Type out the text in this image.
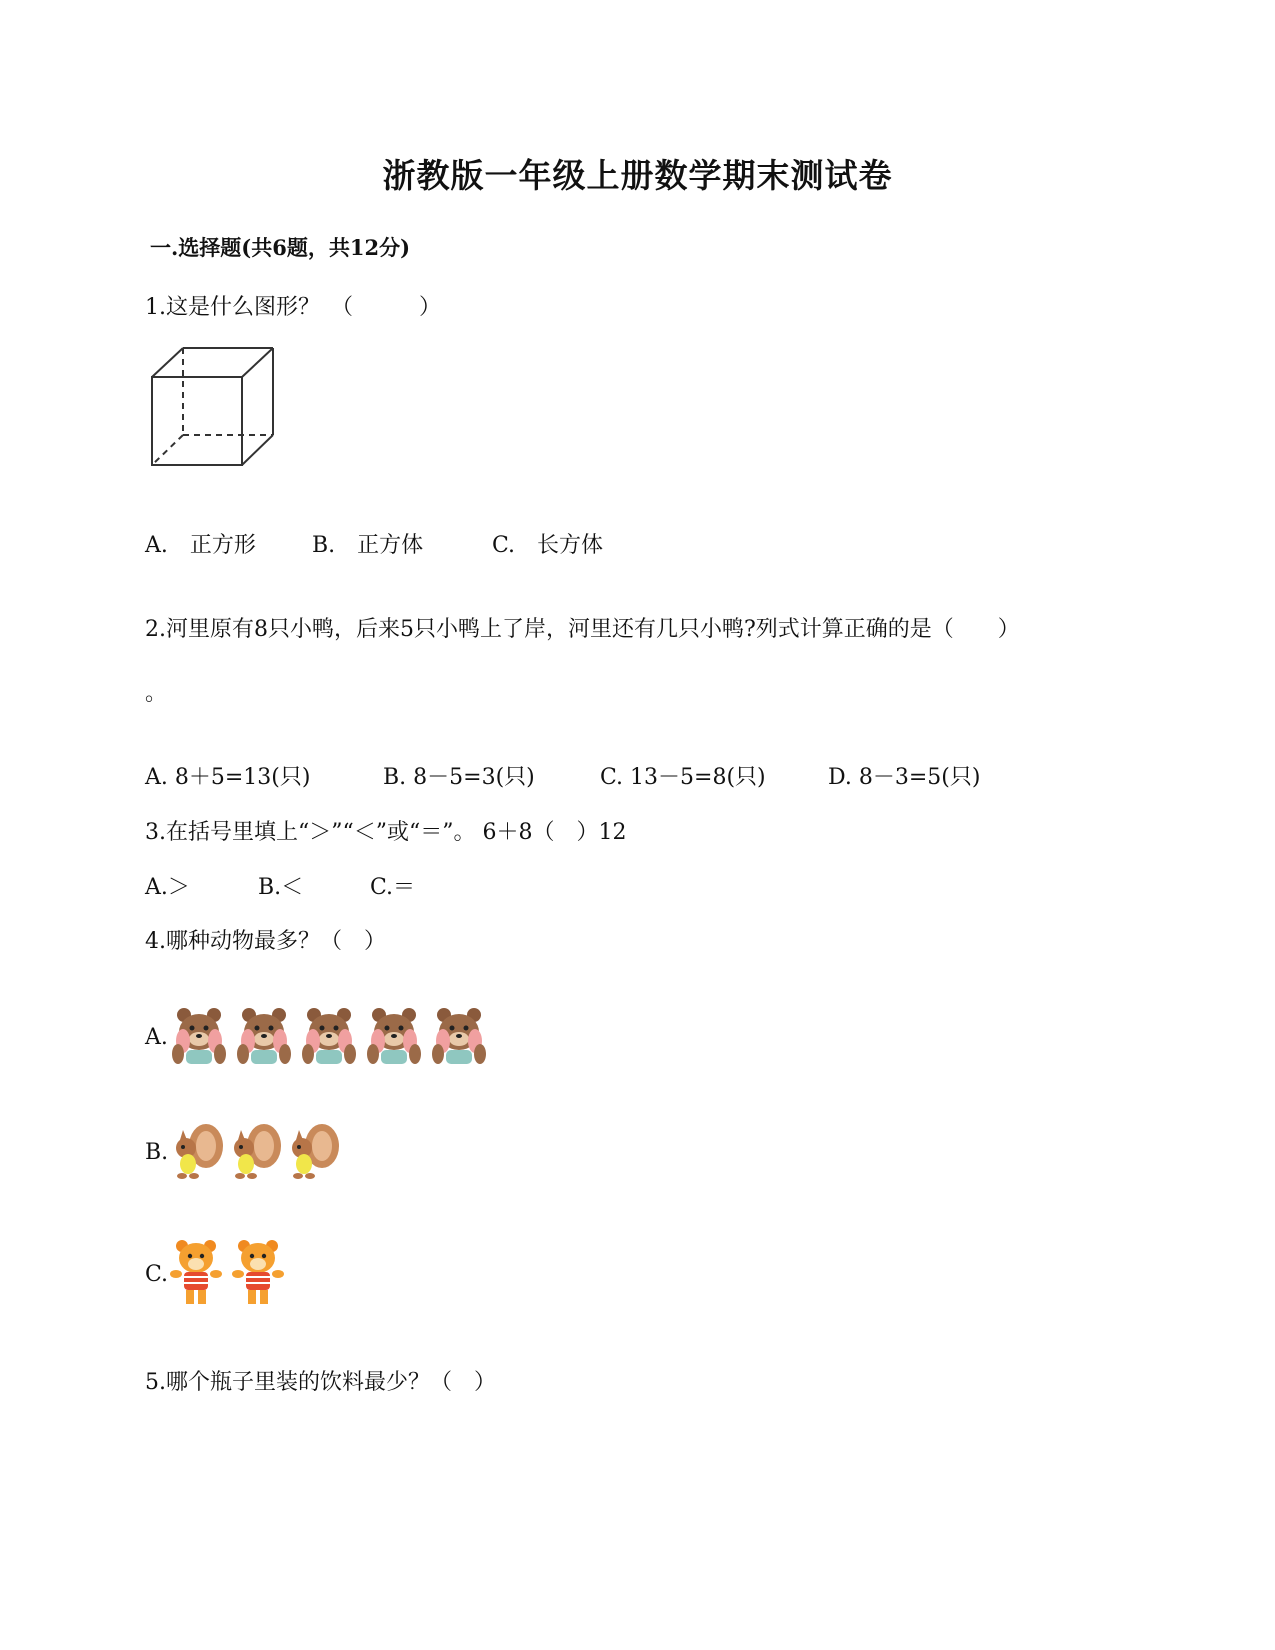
浙教版一年级上册数学期末测试卷
一.选择题(共6题，共12分)
1.这是什么图形？　（　　　）
A.　正方形	B.　正方体	C.　长方体
2.河里原有8只小鸭，后来5只小鸭上了岸，河里还有几只小鸭?列式计算正确的是（　　）
。
A. 8＋5=13(只)	B. 8－5=3(只)	C. 13－5=8(只)	D. 8－3=5(只)
3.在括号里填上“＞”“＜”或“＝”。 6＋8（　）12
A.＞	B.＜	C.＝
4.哪种动物最多？（　）
A.
B.
C.
5.哪个瓶子里装的饮料最少？（　）
